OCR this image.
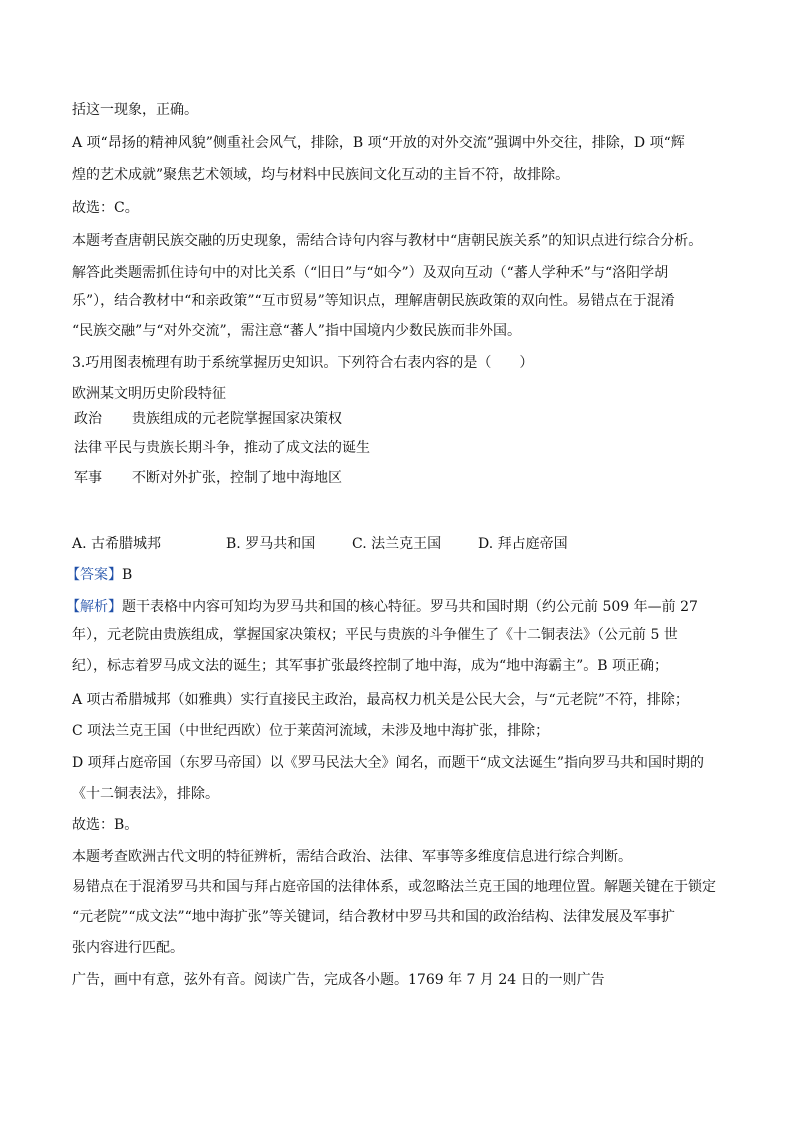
括这一现象，正确。
A 项“昂扬的精神风貌”侧重社会风气，排除，B 项“开放的对外交流”强调中外交往，排除，D 项“辉
煌的艺术成就”聚焦艺术领域，均与材料中民族间文化互动的主旨不符，故排除。
故选：C。
本题考查唐朝民族交融的历史现象，需结合诗句内容与教材中“唐朝民族关系”的知识点进行综合分析。
解答此类题需抓住诗句中的对比关系（“旧日”与“如今”）及双向互动（“蕃人学种禾”与“洛阳学胡
乐”），结合教材中“和亲政策”“互市贸易”等知识点，理解唐朝民族政策的双向性。易错点在于混淆
“民族交融”与“对外交流”，需注意“蕃人”指中国境内少数民族而非外国。
3.巧用图表梳理有助于系统掌握历史知识。下列符合右表内容的是（　　）
欧洲某文明历史阶段特征
政治 贵族组成的元老院掌握国家决策权
法律 平民与贵族长期斗争，推动了成文法的诞生
军事 不断对外扩张，控制了地中海地区
A. 古希腊城邦	B. 罗马共和国	C. 法兰克王国	D. 拜占庭帝国
【答案】B
【解析】题干表格中内容可知均为罗马共和国的核心特征。罗马共和国时期（约公元前 509 年—前 27
年），元老院由贵族组成，掌握国家决策权；平民与贵族的斗争催生了《十二铜表法》（公元前 5 世
纪），标志着罗马成文法的诞生；其军事扩张最终控制了地中海，成为“地中海霸主”。B 项正确；
A 项古希腊城邦（如雅典）实行直接民主政治，最高权力机关是公民大会，与“元老院”不符，排除；
C 项法兰克王国（中世纪西欧）位于莱茵河流域，未涉及地中海扩张，排除；
D 项拜占庭帝国（东罗马帝国）以《罗马民法大全》闻名，而题干“成文法诞生”指向罗马共和国时期的
《十二铜表法》，排除。
故选：B。
本题考查欧洲古代文明的特征辨析，需结合政治、法律、军事等多维度信息进行综合判断。
易错点在于混淆罗马共和国与拜占庭帝国的法律体系，或忽略法兰克王国的地理位置。解题关键在于锁定
“元老院”“成文法”“地中海扩张”等关键词，结合教材中罗马共和国的政治结构、法律发展及军事扩
张内容进行匹配。
广告，画中有意，弦外有音。阅读广告，完成各小题。1769 年 7 月 24 日的一则广告
